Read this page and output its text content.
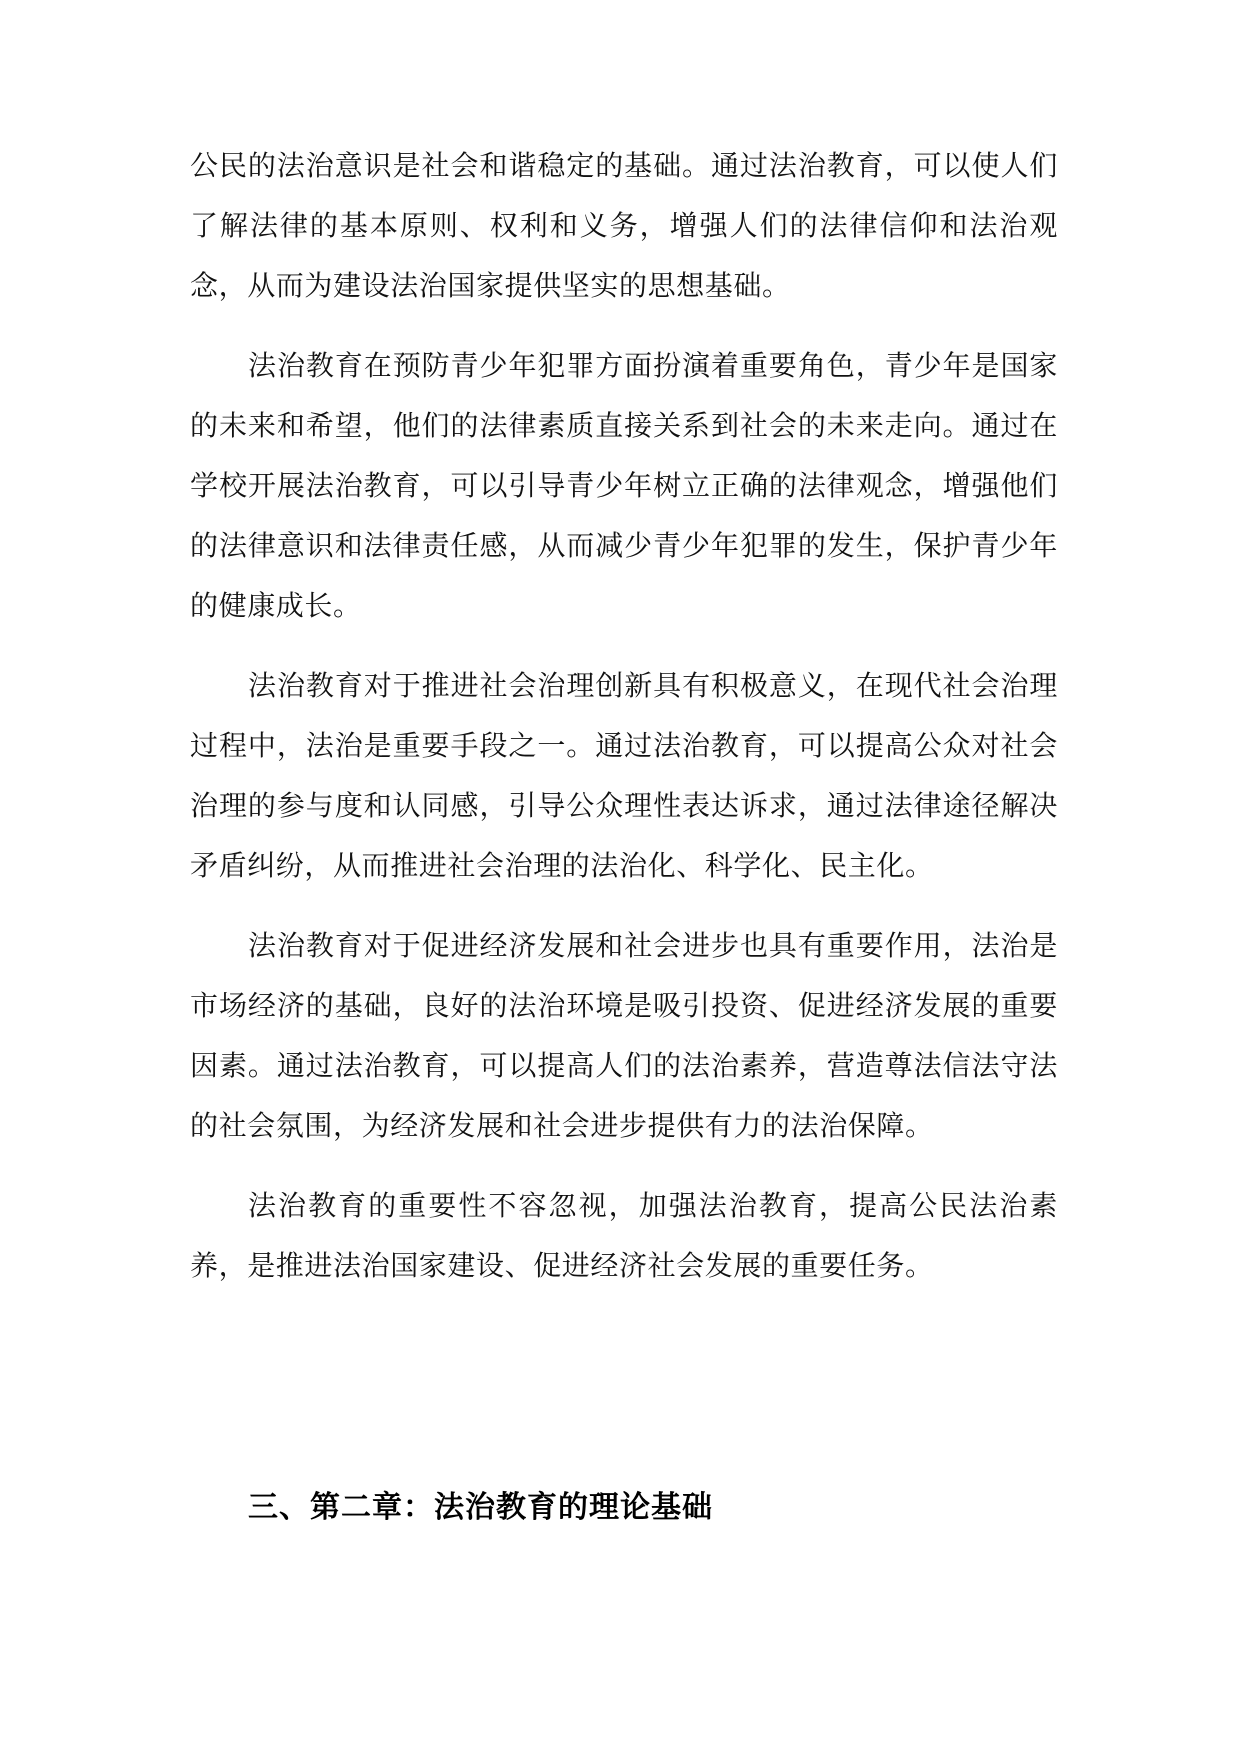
公民的法治意识是社会和谐稳定的基础。通过法治教育，可以使人们了解法律的基本原则、权利和义务，增强人们的法律信仰和法治观念，从而为建设法治国家提供坚实的思想基础。

法治教育在预防青少年犯罪方面扮演着重要角色，青少年是国家的未来和希望，他们的法律素质直接关系到社会的未来走向。通过在学校开展法治教育，可以引导青少年树立正确的法律观念，增强他们的法律意识和法律责任感，从而减少青少年犯罪的发生，保护青少年的健康成长。

法治教育对于推进社会治理创新具有积极意义，在现代社会治理过程中，法治是重要手段之一。通过法治教育，可以提高公众对社会治理的参与度和认同感，引导公众理性表达诉求，通过法律途径解决矛盾纠纷，从而推进社会治理的法治化、科学化、民主化。

法治教育对于促进经济发展和社会进步也具有重要作用，法治是市场经济的基础，良好的法治环境是吸引投资、促进经济发展的重要因素。通过法治教育，可以提高人们的法治素养，营造尊法信法守法的社会氛围，为经济发展和社会进步提供有力的法治保障。

法治教育的重要性不容忽视，加强法治教育，提高公民法治素养，是推进法治国家建设、促进经济社会发展的重要任务。

三、第二章：法治教育的理论基础
